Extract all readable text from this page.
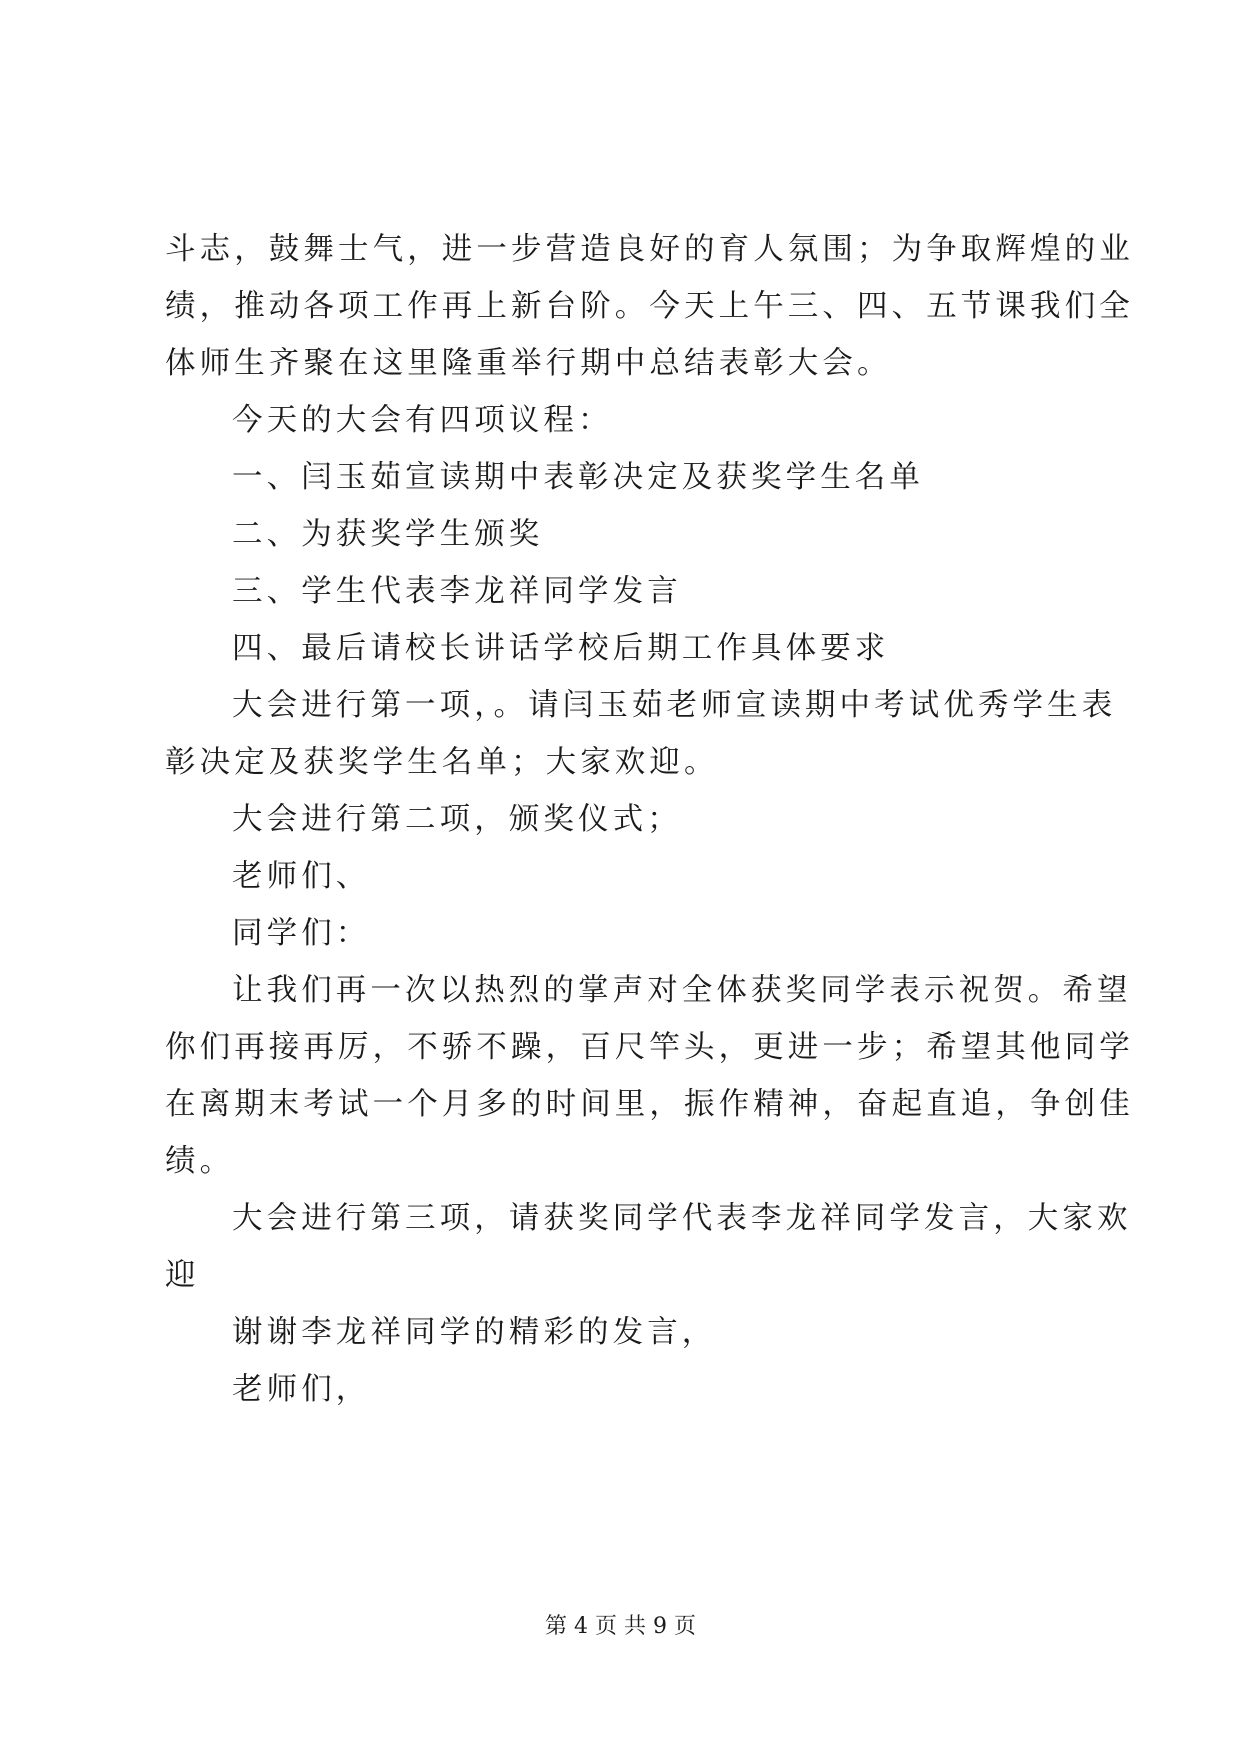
斗志，鼓舞士气，进一步营造良好的育人氛围；为争取辉煌的业
绩，推动各项工作再上新台阶。今天上午三、四、五节课我们全
体师生齐聚在这里隆重举行期中总结表彰大会。
今天的大会有四项议程：
一、闫玉茹宣读期中表彰决定及获奖学生名单
二、为获奖学生颁奖
三、学生代表李龙祥同学发言
四、最后请校长讲话学校后期工作具体要求
大会进行第一项，。请闫玉茹老师宣读期中考试优秀学生表
彰决定及获奖学生名单；大家欢迎。
大会进行第二项，颁奖仪式；
老师们、
同学们：
让我们再一次以热烈的掌声对全体获奖同学表示祝贺。希望
你们再接再厉，不骄不躁，百尺竿头，更进一步；希望其他同学
在离期末考试一个月多的时间里，振作精神，奋起直追，争创佳
绩。
大会进行第三项，请获奖同学代表李龙祥同学发言，大家欢
迎
谢谢李龙祥同学的精彩的发言，
老师们，
第 4 页 共 9 页
